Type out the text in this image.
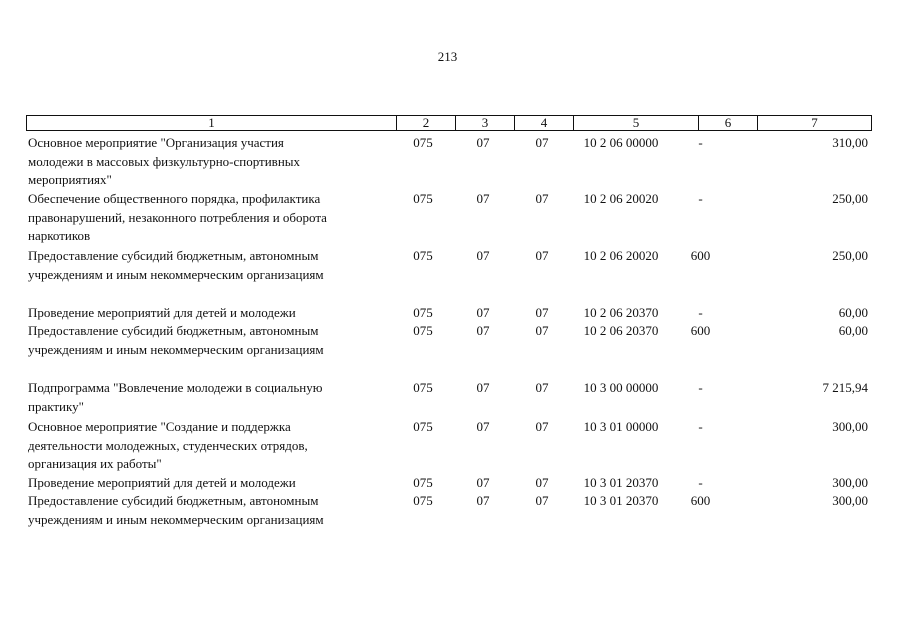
213
1	2	3	4	5	6	7
Основное мероприятие "Организация участия
молодежи в массовых физкультурно-спортивных
мероприятиях"
075	07	07	10 2 06 00000	-	310,00
Обеспечение общественного порядка, профилактика
правонарушений, незаконного потребления и оборота
наркотиков
075	07	07	10 2 06 20020	-	250,00
Предоставление субсидий бюджетным, автономным
учреждениям и иным некоммерческим организациям
075	07	07	10 2 06 20020	600	250,00
Проведение мероприятий для детей и молодежи	075	07	07	10 2 06 20370	-	60,00
Предоставление субсидий бюджетным, автономным
учреждениям и иным некоммерческим организациям
075	07	07	10 2 06 20370	600	60,00
Подпрограмма "Вовлечение молодежи в социальную
практику"
075	07	07	10 3 00 00000	-	7 215,94
Основное мероприятие "Создание и поддержка
деятельности молодежных, студенческих отрядов,
организация их работы"
075	07	07	10 3 01 00000	-	300,00
Проведение мероприятий для детей и молодежи	075	07	07	10 3 01 20370	-	300,00
Предоставление субсидий бюджетным, автономным
учреждениям и иным некоммерческим организациям
075	07	07	10 3 01 20370	600	300,00
